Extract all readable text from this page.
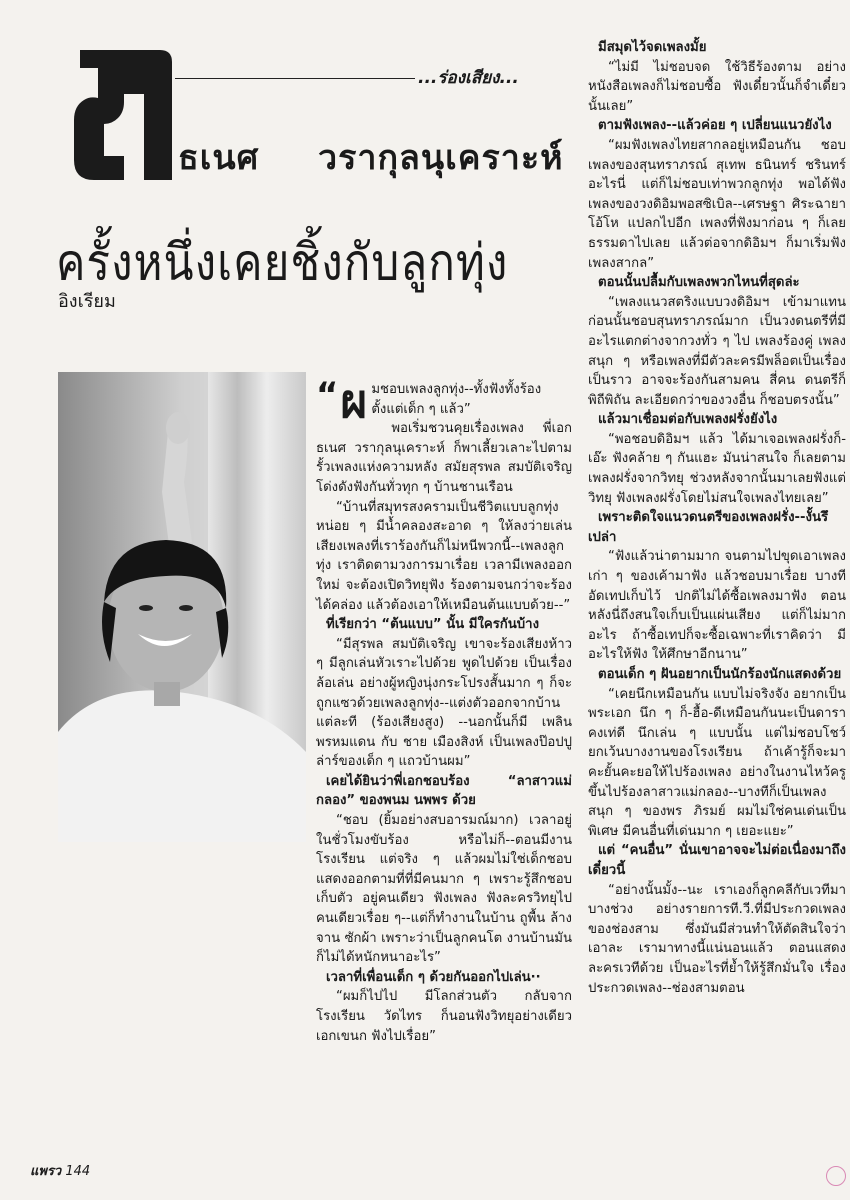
...ร่องเสียง...
ธเนศ วรากุลนุเคราะห์
ครั้งหนึ่งเคยชิ้งกับลูกทุ่ง
อิงเรียม

“ ผ มชอบเพลงลูกทุ่ง--ทั้งฟังทั้งร้อง ตั้งแต่เด็ก ๆ แล้ว”

พอเริ่มชวนคุยเรื่องเพลง พี่เอก ธเนศ วรากุลนุเคราะห์ ก็พาเลี้ยวเลาะไปตามรั้วเพลงแห่งความหลัง สมัยสุรพล สมบัติเจริญโด่งดังฟังกันทั่วทุก ๆ บ้านชานเรือน

“บ้านที่สมุทรสงครามเป็นชีวิตแบบลูกทุ่งหน่อย ๆ มีน้ำคลองสะอาด ๆ ให้ลงว่ายเล่น เสียงเพลงที่เราร้องกันก็ไม่หนีพวกนี้--เพลงลูกทุ่ง เราติดตามวงการมาเรื่อย เวลามีเพลงออกใหม่ จะต้องเปิดวิทยุฟัง ร้องตามจนกว่าจะร้องได้คล่อง แล้วต้องเอาให้เหมือนต้นแบบด้วย--”

ที่เรียกว่า “ต้นแบบ” นั้น มีใครกันบ้าง

“มีสุรพล สมบัติเจริญ เขาจะร้องเสียงห้าว ๆ มีลูกเล่นหัวเราะไปด้วย พูดไปด้วย เป็นเรื่องล้อเล่น อย่างผู้หญิงนุ่งกระโปรงสั้นมาก ๆ ก็จะถูกแซวด้วยเพลงลูกทุ่ง--แต่งตัวออกจากบ้านแต่ละที (ร้องเสียงสูง) --นอกนั้นก็มี เพลิน พรหมแดน กับ ชาย เมืองสิงห์ เป็นเพลงป๊อปปูล่าร์ของเด็ก ๆ แถวบ้านผม”

เคยได้ยินว่าพี่เอกชอบร้อง “ลาสาวแม่กลอง” ของพนม นพพร ด้วย

“ชอบ (ยิ้มอย่างสบอารมณ์มาก) เวลาอยู่ในชั่วโมงขับร้อง หรือไม่ก็--ตอนมีงานโรงเรียน แต่จริง ๆ แล้วผมไม่ใช่เด็กชอบแสดงออกตามที่ที่มีคนมาก ๆ เพราะรู้สึกชอบเก็บตัว อยู่คนเดียว ฟังเพลง ฟังละครวิทยุไปคนเดียวเรื่อย ๆ--แต่ก็ทำงานในบ้าน ถูพื้น ล้างจาน ซักผ้า เพราะว่าเป็นลูกคนโต งานบ้านมันก็ไม่ได้หนักหนาอะไร”

เวลาที่เพื่อนเด็ก ๆ ด้วยกันออกไปเล่น··

“ผมก็ไปไป มีโลกส่วนตัว กลับจากโรงเรียน วัดไทร ก็นอนฟังวิทยุอย่างเดียว เอกเขนก ฟังไปเรื่อย”

มีสมุดไว้จดเพลงมั้ย

“ไม่มี ไม่ชอบจด ใช้วิธีร้องตาม อย่างหนังสือเพลงก็ไม่ชอบซื้อ ฟังเดี๋ยวนั้นก็จำเดี๋ยวนั้นเลย”

ตามฟังเพลง--แล้วค่อย ๆ เปลี่ยนแนวยังไง

“ผมฟังเพลงไทยสากลอยู่เหมือนกัน ชอบเพลงของสุนทราภรณ์ สุเทพ ธนินทร์ ชรินทร์ อะไรนี่ แต่ก็ไม่ชอบเท่าพวกลูกทุ่ง พอได้ฟังเพลงของวงดิอิมพอสซิเบิล--เศรษฐา ศิระฉายา โอ้โห แปลกไปอีก เพลงที่ฟังมาก่อน ๆ ก็เลยธรรมดาไปเลย แล้วต่อจากดิอิมฯ ก็มาเริ่มฟังเพลงสากล”

ตอนนั้นปลื้มกับเพลงพวกไหนที่สุดล่ะ

“เพลงแนวสตริงแบบวงดิอิมฯ เข้ามาแทน ก่อนนั้นชอบสุนทราภรณ์มาก เป็นวงดนตรีที่มีอะไรแตกต่างจากวงทั่ว ๆ ไป เพลงร้องคู่ เพลงสนุก ๆ หรือเพลงที่มีตัวละครมีพล็อตเป็นเรื่องเป็นราว อาจจะร้องกันสามคน สี่คน ดนตรีก็พิถีพิถัน ละเอียดกว่าของวงอื่น ก็ชอบตรงนั้น”

แล้วมาเชื่อมต่อกับเพลงฝรั่งยังไง

“พอชอบดิอิมฯ แล้ว ได้มาเจอเพลงฝรั่งก็-เอ๊ะ ฟังคล้าย ๆ กันแฮะ มันน่าสนใจ ก็เลยตามเพลงฝรั่งจากวิทยุ ช่วงหลังจากนั้นมาเลยฟังแต่วิทยุ ฟังเพลงฝรั่งโดยไม่สนใจเพลงไทยเลย”

เพราะติดใจแนวดนตรีของเพลงฝรั่ง--งั้นรึเปล่า

“ฟังแล้วน่าตามมาก จนตามไปขุดเอาเพลงเก่า ๆ ของเค้ามาฟัง แล้วชอบมาเรื่อย บางทีอัดเทปเก็บไว้ ปกติไม่ได้ซื้อเพลงมาฟัง ตอนหลังนี่ถึงสนใจเก็บเป็นแผ่นเสียง แต่ก็ไม่มากอะไร ถ้าซื้อเทปก็จะซื้อเฉพาะที่เราคิดว่า มีอะไรให้ฟัง ให้ศึกษาอีกนาน”

ตอนเด็ก ๆ ฝันอยากเป็นนักร้องนักแสดงด้วย

“เคยนึกเหมือนกัน แบบไม่จริงจัง อยากเป็นพระเอก นึก ๆ ก็-ฮื้อ-ดีเหมือนกันนะเป็นดารา คงเท่ดี นึกเล่น ๆ แบบนั้น แต่ไม่ชอบโชว์ ยกเว้นบางงานของโรงเรียน ถ้าเค้ารู้ก็จะมาคะยั้นคะยอให้ไปร้องเพลง อย่างในงานไหว้ครู ขึ้นไปร้องลาสาวแม่กลอง--บางทีก็เป็นเพลงสนุก ๆ ของพร ภิรมย์ ผมไม่ใช่คนเด่นเป็นพิเศษ มีคนอื่นที่เด่นมาก ๆ เยอะแยะ”

แต่ “คนอื่น” นั่นเขาอาจจะไม่ต่อเนื่องมาถึงเดี๋ยวนี้

“อย่างนั้นมั้ง--นะ เราเองก็ลูกคลีกับเวทีมาบางช่วง อย่างรายการที.วี.ที่มีประกวดเพลงของช่องสาม ซึ่งมันมีส่วนทำให้ตัดสินใจว่า เอาละ เรามาทางนี้แน่นอนแล้ว ตอนแสดงละครเวทีด้วย เป็นอะไรที่ย้ำให้รู้สึกมั่นใจ เรื่องประกวดเพลง--ช่องสามตอน

แพรว 144
